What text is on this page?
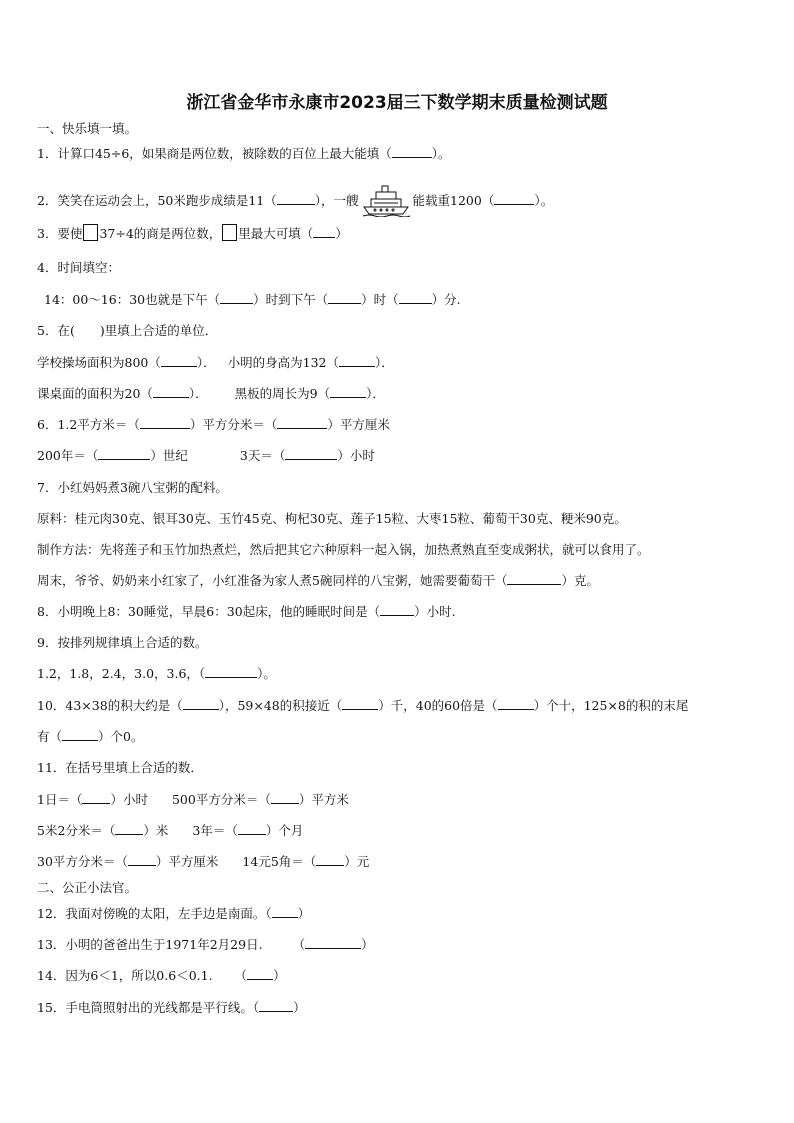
浙江省金华市永康市2023届三下数学期末质量检测试题
一、快乐填一填。
1．计算口45÷6，如果商是两位数，被除数的百位上最大能填（	）。
2．笑笑在运动会上，50米跑步成绩是11（	），一艘	能载重1200（	）。
3．要使 37÷4的商是两位数， 里最大可填（ ）
4．时间填空：
14：00～16：30也就是下午（	）时到下午（	）时（	）分.
5．在(　　)里填上合适的单位．
学校操场面积为800（	）． 小明的身高为132（	）．
课桌面的面积为20（	）． 黑板的周长为9（	）．
6．1.2平方米＝（	）平方分米＝（	）平方厘米
200年＝（	）世纪	3天＝（	）小时
7．小红妈妈煮3碗八宝粥的配料。
原料：桂元肉30克、银耳30克、玉竹45克、枸杞30克、莲子15粒、大枣15粒、葡萄干30克、粳米90克。
制作方法：先将莲子和玉竹加热煮烂，然后把其它六种原料一起入锅，加热煮熟直至变成粥状，就可以食用了。
周末，爷爷、奶奶来小红家了，小红准备为家人煮5碗同样的八宝粥，她需要葡萄干（	）克。
8．小明晚上8：30睡觉，早晨6：30起床，他的睡眠时间是（	）小时.
9．按排列规律填上合适的数。
1.2，1.8，2.4，3.0，3.6，（	）。
10．43×38的积大约是（	），59×48的积接近（	）千，40的60倍是（	）个十，125×8的积的末尾
有（	）个0。
11．在括号里填上合适的数．
1日＝（ ）小时 500平方分米＝（ ）平方米
5米2分米＝（ ）米 3年＝（ ）个月
30平方分米＝（ ）平方厘米 14元5角＝（ ）元
二、公正小法官。
12．我面对傍晚的太阳，左手边是南面。（ ）
13．小明的爸爸出生于1971年2月29日. （	）
14．因为6＜1，所以0.6＜0.1. （ ）
15．手电筒照射出的光线都是平行线。（	）
